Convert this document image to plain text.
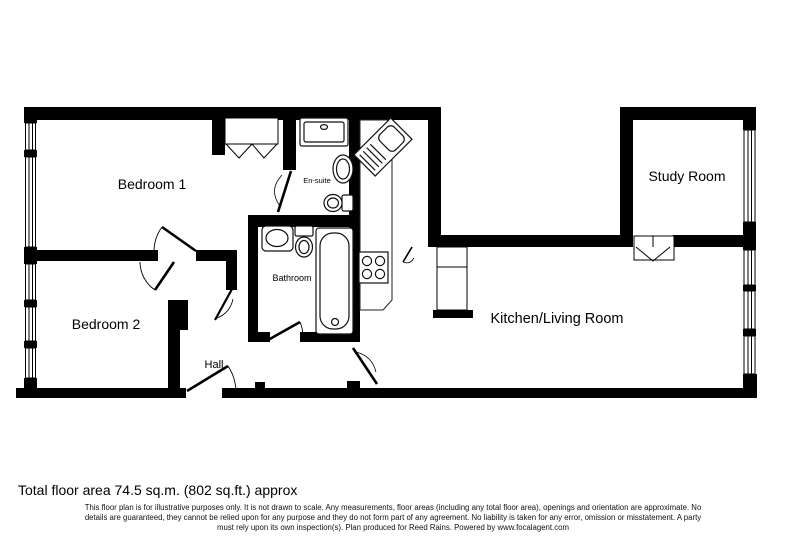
Bedroom 1
Bedroom 2
Study Room
Kitchen/Living Room
Hall
Bathroom
En-suite
Total floor area 74.5 sq.m. (802 sq.ft.) approx
This floor plan is for illustrative purposes only. It is not drawn to scale. Any measurements, floor areas (including any total floor area), openings and orientation are approximate. No
details are guaranteed, they cannot be relied upon for any purpose and they do not form part of any agreement. No liability is taken for any error, omission or misstatement. A party
must rely upon its own inspection(s). Plan produced for Reed Rains. Powered by www.focalagent.com
